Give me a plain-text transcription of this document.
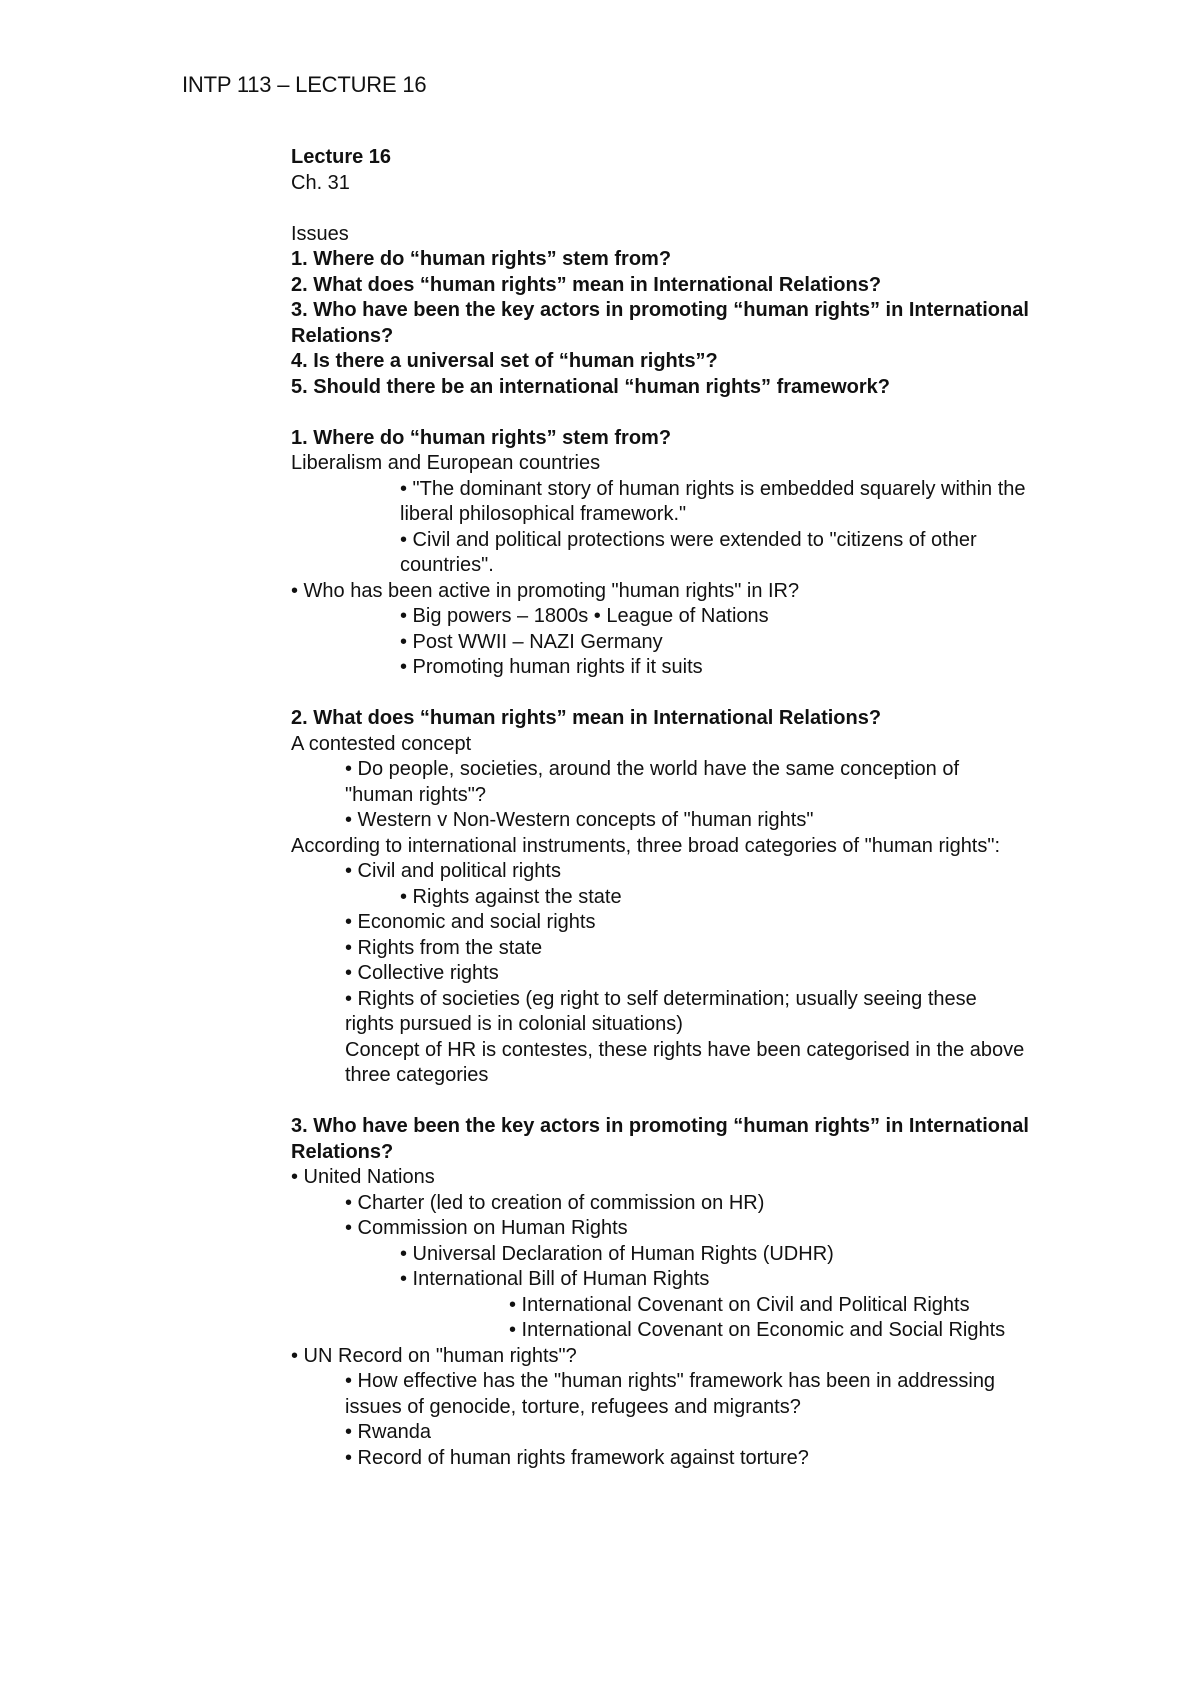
INTP 113 – LECTURE 16
Lecture 16
Ch. 31
Issues
1. Where do “human rights” stem from?
2. What does “human rights” mean in International Relations?
3. Who have been the key actors in promoting “human rights” in International Relations?
4. Is there a universal set of “human rights”?
5. Should there be an international “human rights” framework?
1. Where do “human rights” stem from?
Liberalism and European countries
• "The dominant story of human rights is embedded squarely within the liberal philosophical framework."
• Civil and political protections were extended to "citizens of other countries".
• Who has been active in promoting "human rights" in IR?
• Big powers – 1800s • League of Nations
• Post WWII – NAZI Germany
• Promoting human rights if it suits
2. What does “human rights” mean in International Relations?
A contested concept
• Do people, societies, around the world have the same conception of "human rights"?
• Western v Non-Western concepts of "human rights"
According to international instruments, three broad categories of "human rights":
• Civil and political rights
• Rights against the state
• Economic and social rights
• Rights from the state
• Collective rights
• Rights of societies (eg right to self determination; usually seeing these rights pursued is in colonial situations)
Concept of HR is contestes, these rights have been categorised in the above three categories
3. Who have been the key actors in promoting “human rights” in International Relations?
• United Nations
• Charter (led to creation of commission on HR)
• Commission on Human Rights
• Universal Declaration of Human Rights (UDHR)
• International Bill of Human Rights
• International Covenant on Civil and Political Rights
• International Covenant on Economic and Social Rights
• UN Record on "human rights"?
• How effective has the "human rights" framework has been in addressing issues of genocide, torture, refugees and migrants?
• Rwanda
• Record of human rights framework against torture?
